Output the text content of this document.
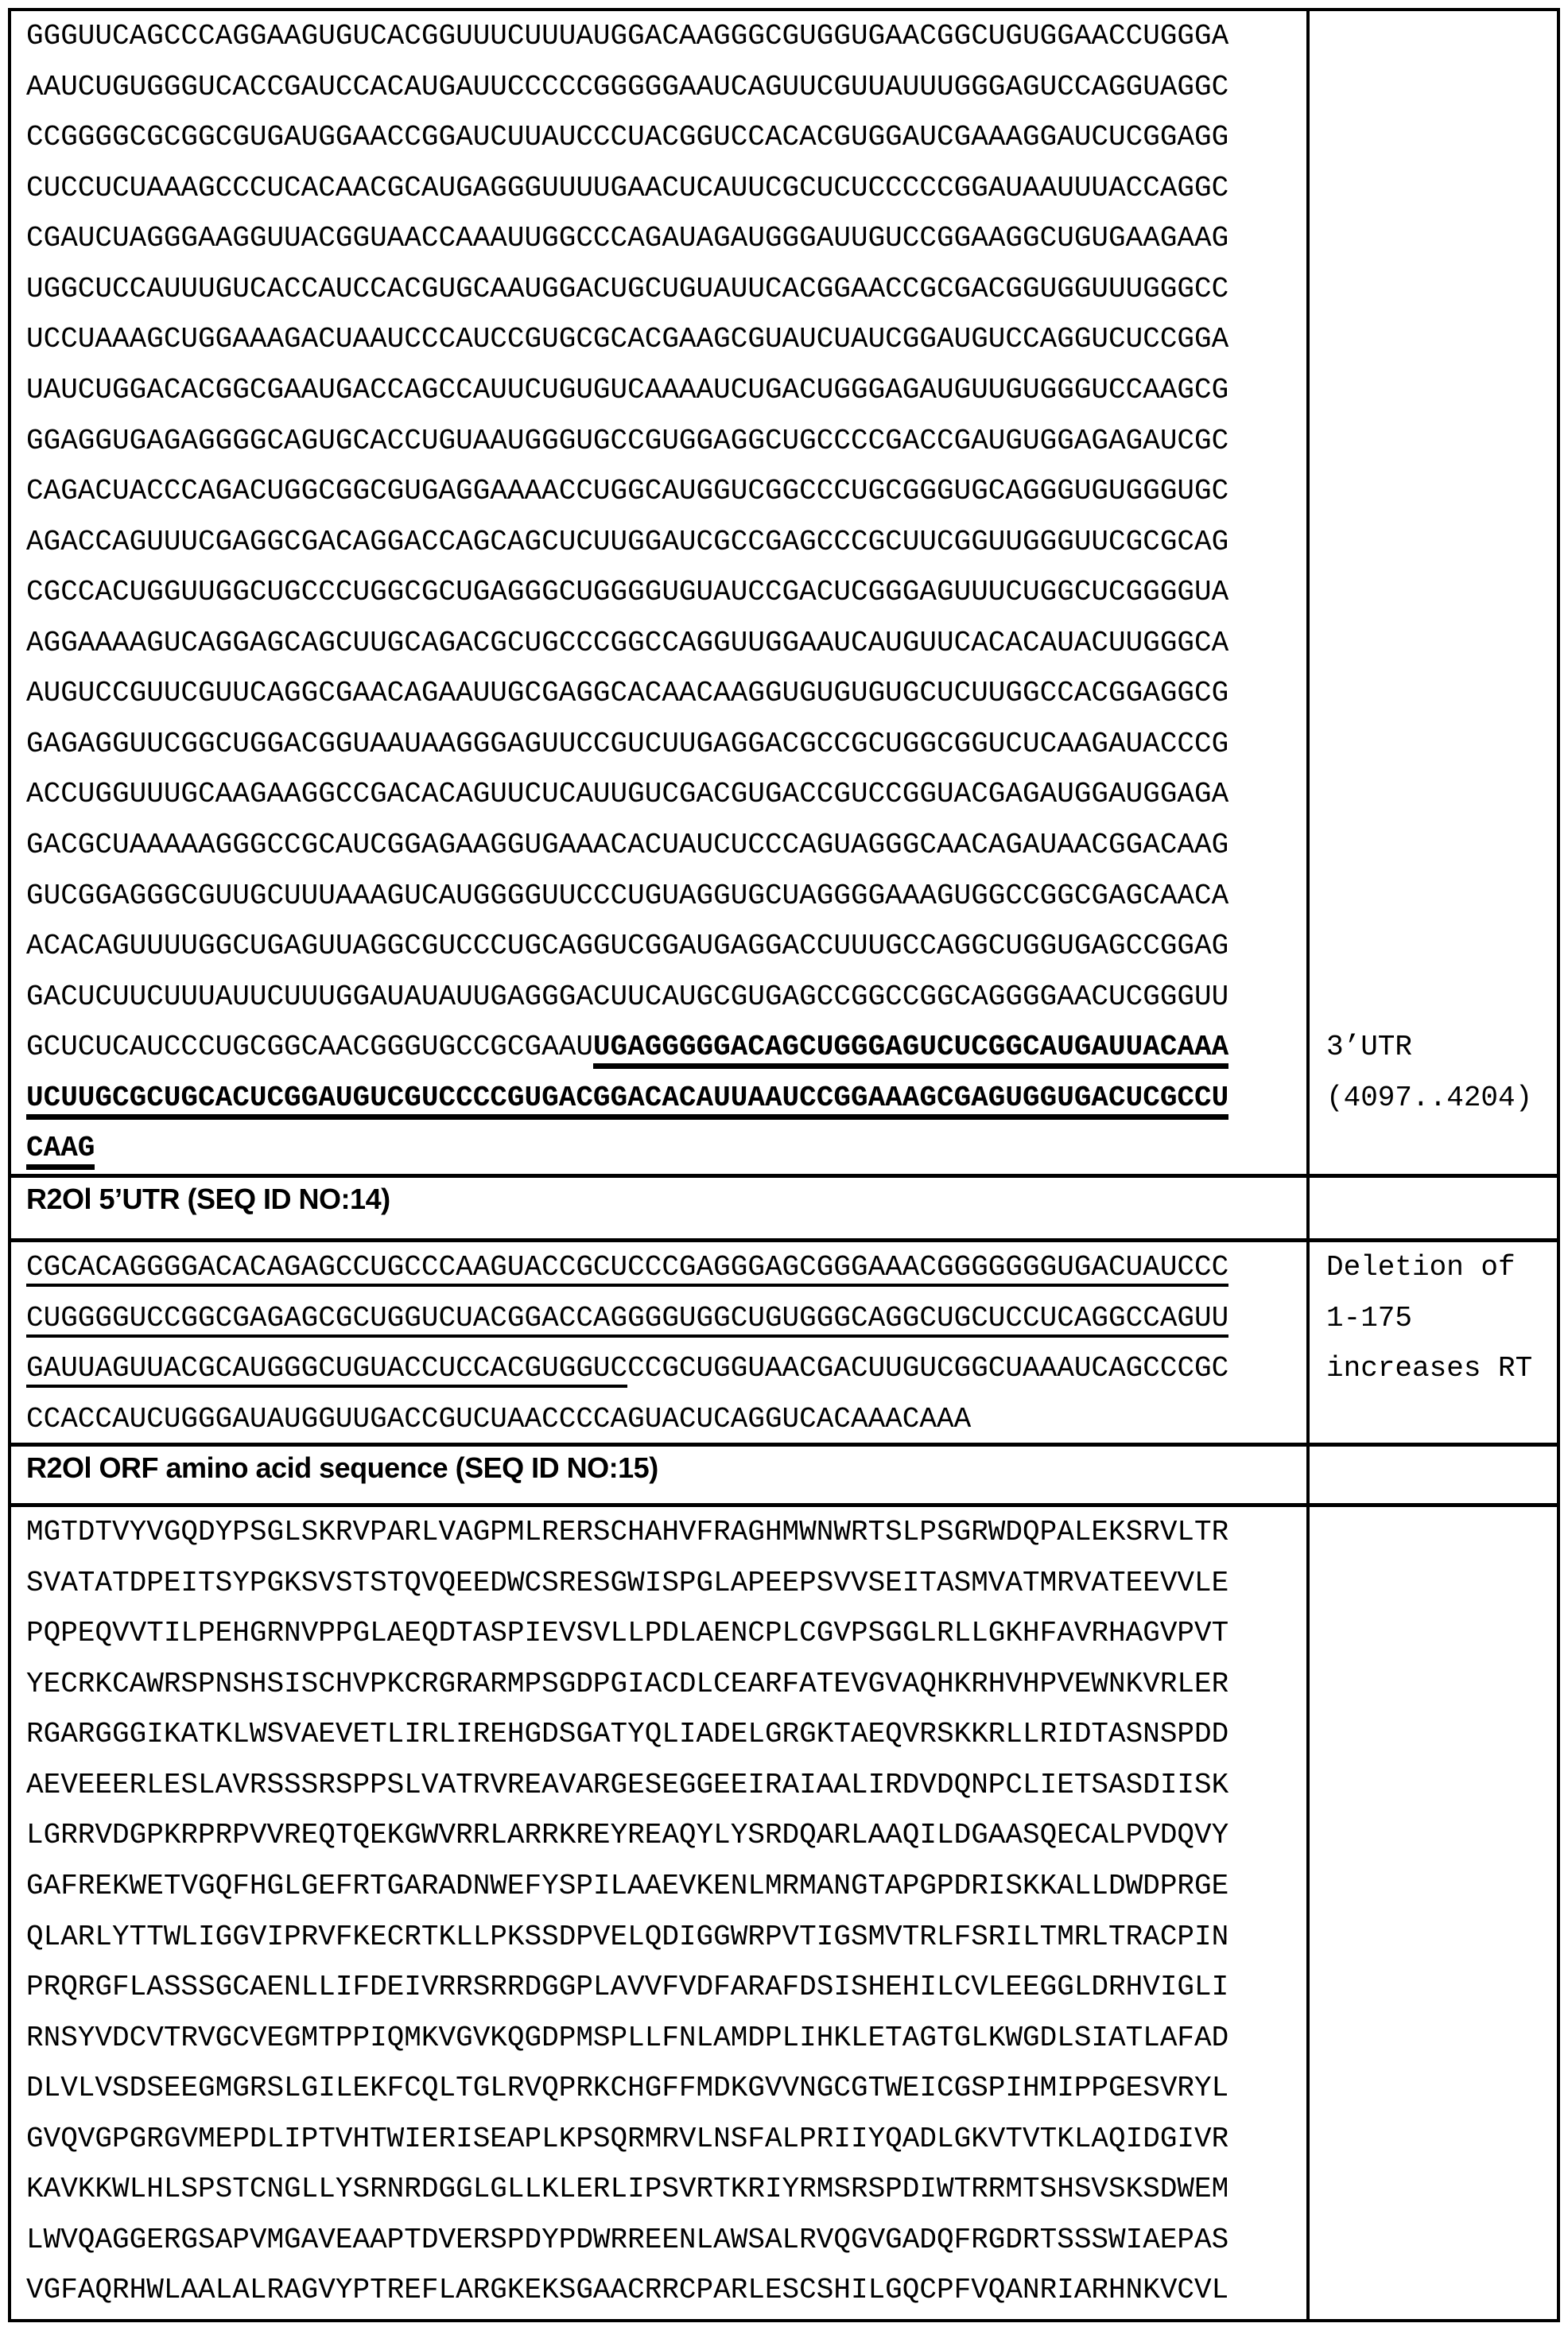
GGGUUCAGCCCAGGAAGUGUCACGGUUUCUUUAUGGACAAGGGCGUGGUGAACGGCUGUGGAACCUGGGA
AAUCUGUGGGUCACCGAUCCACAUGAUUCCCCCGGGGGAAUCAGUUCGUUAUUUGGGAGUCCAGGUAGGC
CCGGGGCGCGGCGUGAUGGAACCGGAUCUUAUCCCUACGGUCCACACGUGGAUCGAAAGGAUCUCGGAGG
CUCCUCUAAAGCCCUCACAACGCAUGAGGGUUUUGAACUCAUUCGCUCUCCCCCGGAUAAUUUACCAGGC
CGAUCUAGGGAAGGUUACGGUAACCAAAUUGGCCCAGAUAGAUGGGAUUGUCCGGAAGGCUGUGAAGAAG
UGGCUCCAUUUGUCACCAUCCACGUGCAAUGGACUGCUGUAUUCACGGAACCGCGACGGUGGUUUGGGCC
UCCUAAAGCUGGAAAGACUAAUCCCAUCCGUGCGCACGAAGCGUAUCUAUCGGAUGUCCAGGUCUCCGGA
UAUCUGGACACGGCGAAUGACCAGCCAUUCUGUGUCAAAAUCUGACUGGGAGAUGUUGUGGGUCCAAGCG
GGAGGUGAGAGGGGCAGUGCACCUGUAAUGGGUGCCGUGGAGGCUGCCCCGACCGAUGUGGAGAGAUCGC
CAGACUACCCAGACUGGCGGCGUGAGGAAAACCUGGCAUGGUCGGCCCUGCGGGUGCAGGGUGUGGGUGC
AGACCAGUUUCGAGGCGACAGGACCAGCAGCUCUUGGAUCGCCGAGCCCGCUUCGGUUGGGUUCGCGCAG
CGCCACUGGUUGGCUGCCCUGGCGCUGAGGGCUGGGGUGUAUCCGACUCGGGAGUUUCUGGCUCGGGGUA
AGGAAAAGUCAGGAGCAGCUUGCAGACGCUGCCCGGCCAGGUUGGAAUCAUGUUCACACAUACUUGGGCA
AUGUCCGUUCGUUCAGGCGAACAGAAUUGCGAGGCACAACAAGGUGUGUGUGCUCUUGGCCACGGAGGCG
GAGAGGUUCGGCUGGACGGUAAUAAGGGAGUUCCGUCUUGAGGACGCCGCUGGCGGUCUCAAGAUACCCG
ACCUGGUUUGCAAGAAGGCCGACACAGUUCUCAUUGUCGACGUGACCGUCCGGUACGAGAUGGAUGGAGA
GACGCUAAAAAGGGCCGCAUCGGAGAAGGUGAAACACUAUCUCCCAGUAGGGCAACAGAUAACGGACAAG
GUCGGAGGGCGUUGCUUUAAAGUCAUGGGGUUCCCUGUAGGUGCUAGGGGAAAGUGGCCGGCGAGCAACA
ACACAGUUUUGGCUGAGUUAGGCGUCCCUGCAGGUCGGAUGAGGACCUUUGCCAGGCUGGUGAGCCGGAG
GACUCUUCUUUAUUCUUUGGAUAUAUUGAGGGACUUCAUGCGUGAGCCGGCCGGCAGGGGAACUCGGGUU
GCUCUCAUCCCUGCGGCAACGGGUGCCGCGAAUUGAGGGGGACAGCUGGGAGUCUCGGCAUGAUUACAAA
UCUUGCGCUGCACUCGGAUGUCGUCCCCGUGACGGACACAUUAAUCCGGAAAGCGAGUGGUGACUCGCCU
CAAG
3’UTR
(4097..4204)
R2Ol 5’UTR (SEQ ID NO:14)
CGCACAGGGGACACAGAGCCUGCCCAAGUACCGCUCCCGAGGGAGCGGGAAACGGGGGGGUGACUAUCCC
CUGGGGUCCGGCGAGAGCGCUGGUCUACGGACCAGGGGUGGCUGUGGGCAGGCUGCUCCUCAGGCCAGUU
GAUUAGUUACGCAUGGGCUGUACCUCCACGUGGUCCCGCUGGUAACGACUUGUCGGCUAAAUCAGCCCGC
CCACCAUCUGGGAUAUGGUUGACCGUCUAACCCCAGUACUCAGGUCACAAACAAA
Deletion of
1-175
increases RT
R2Ol ORF amino acid sequence (SEQ ID NO:15)
MGTDTVYVGQDYPSGLSKRVPARLVAGPMLRERSCHAHVFRAGHMWNWRTSLPSGRWDQPALEKSRVLTR
SVATATDPEITSYPGKSVSTSTQVQEEDWCSRESGWISPGLAPEEPSVVSEITASMVATMRVATEEVVLE
PQPEQVVTILPEHGRNVPPGLAEQDTASPIEVSVLLPDLAENCPLCGVPSGGLRLLGKHFAVRHAGVPVT
YECRKCAWRSPNSHSISCHVPKCRGRARMPSGDPGIACDLCEARFATEVGVAQHKRHVHPVEWNKVRLER
RGARGGGIKATKLWSVAEVETLIRLIREHGDSGATYQLIADELGRGKTAEQVRSKKRLLRIDTASNSPDD
AEVEEERLESLAVRSSSRSPPSLVATRVREAVARGESEGGEEIRAIAALIRDVDQNPCLIETSASDIISK
LGRRVDGPKRPRPVVREQTQEKGWVRRLARRKREYREAQYLYSRDQARLAAQILDGAASQECALPVDQVY
GAFREKWETVGQFHGLGEFRTGARADNWEFYSPILAAEVKENLMRMANGTAPGPDRISKKALLDWDPRGE
QLARLYTTWLIGGVIPRVFKECRTKLLPKSSDPVELQDIGGWRPVTIGSMVTRLFSRILTMRLTRACPIN
PRQRGFLASSSGCAENLLIFDEIVRRSRRDGGPLAVVFVDFARAFDSISHEHILCVLEEGGLDRHVIGLI
RNSYVDCVTRVGCVEGMTPPIQMKVGVKQGDPMSPLLFNLAMDPLIHKLETAGTGLKWGDLSIATLAFAD
DLVLVSDSEEGMGRSLGILEKFCQLTGLRVQPRKCHGFFMDKGVVNGCGTWEICGSPIHMIPPGESVRYL
GVQVGPGRGVMEPDLIPTVHTWIERISEAPLKPSQRMRVLNSFALPRIIYQADLGKVTVTKLAQIDGIVR
KAVKKWLHLSPSTCNGLLYSRNRDGGLGLLKLERLIPSVRTKRIYRMSRSPDIWTRRMTSHSVSKSDWEM
LWVQAGGERGSAPVMGAVEAAPTDVERSPDYPDWRREENLAWSALRVQGVGADQFRGDRTSSSWIAEPAS
VGFAQRHWLAALALRAGVYPTREFLARGKEKSGAACRRCPARLESCSHILGQCPFVQANRIARHNKVCVL
